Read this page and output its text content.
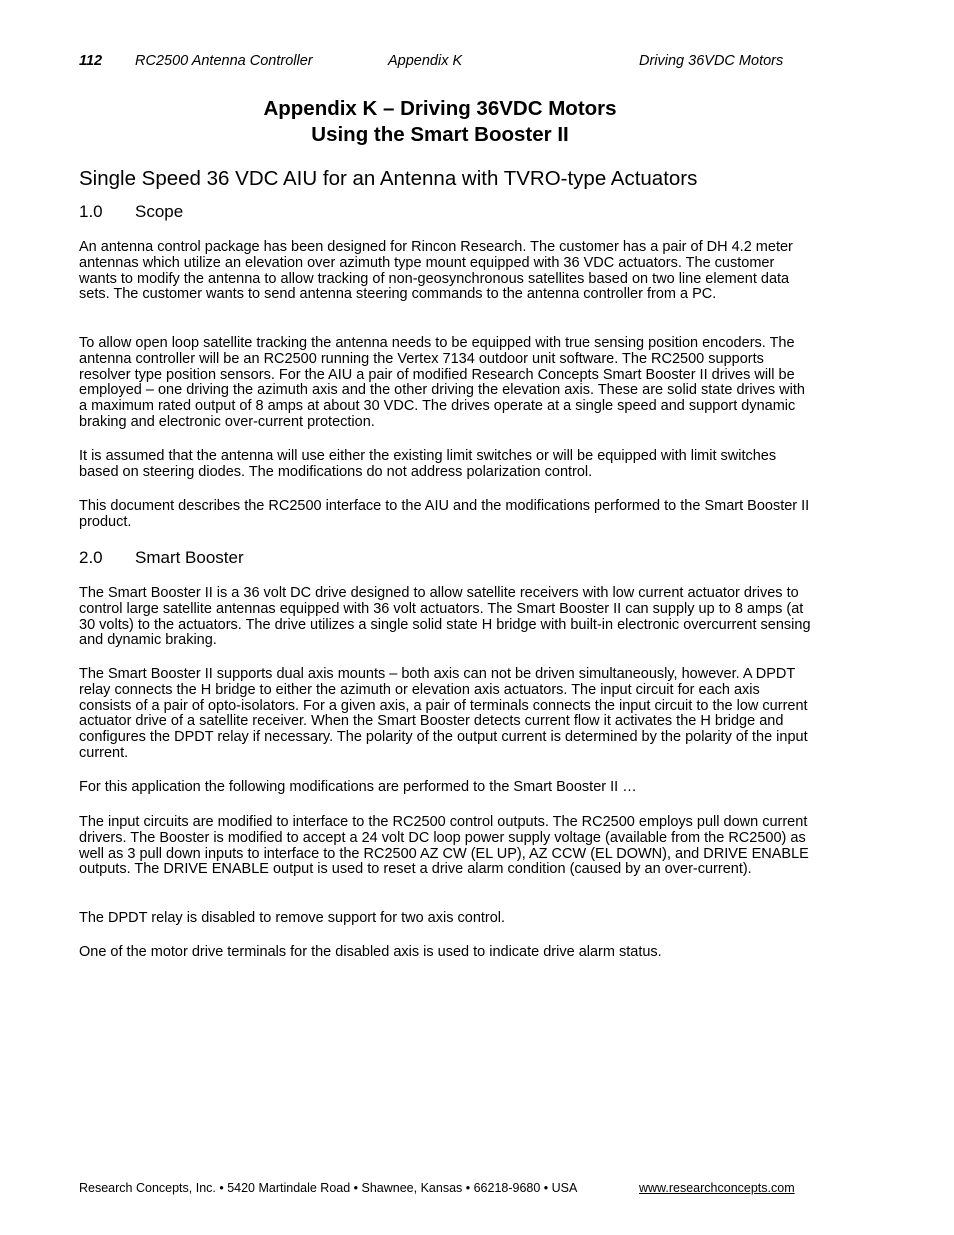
112 RC2500 Antenna Controller	Appendix K	Driving 36VDC Motors
Appendix K – Driving 36VDC Motors
Using the Smart Booster II
Single Speed 36 VDC AIU for an Antenna with TVRO-type Actuators
1.0 Scope

An antenna control package has been designed for Rincon Research. The customer has a pair of DH 4.2 meter antennas which utilize an elevation over azimuth type mount equipped with 36 VDC actuators. The customer wants to modify the antenna to allow tracking of non-geosynchronous satellites based on two line element data sets. The customer wants to send antenna steering commands to the antenna controller from a PC.

To allow open loop satellite tracking the antenna needs to be equipped with true sensing position encoders. The antenna controller will be an RC2500 running the Vertex 7134 outdoor unit software. The RC2500 supports resolver type position sensors. For the AIU a pair of modified Research Concepts Smart Booster II drives will be employed – one driving the azimuth axis and the other driving the elevation axis. These are solid state drives with a maximum rated output of 8 amps at about 30 VDC. The drives operate at a single speed and support dynamic braking and electronic over-current protection.

It is assumed that the antenna will use either the existing limit switches or will be equipped with limit switches based on steering diodes. The modifications do not address polarization control.

This document describes the RC2500 interface to the AIU and the modifications performed to the Smart Booster II product.

2.0 Smart Booster

The Smart Booster II is a 36 volt DC drive designed to allow satellite receivers with low current actuator drives to control large satellite antennas equipped with 36 volt actuators. The Smart Booster II can supply up to 8 amps (at 30 volts) to the actuators. The drive utilizes a single solid state H bridge with built-in electronic overcurrent sensing and dynamic braking.

The Smart Booster II supports dual axis mounts – both axis can not be driven simultaneously, however. A DPDT relay connects the H bridge to either the azimuth or elevation axis actuators. The input circuit for each axis consists of a pair of opto-isolators. For a given axis, a pair of terminals connects the input circuit to the low current actuator drive of a satellite receiver. When the Smart Booster detects current flow it activates the H bridge and configures the DPDT relay if necessary. The polarity of the output current is determined by the polarity of the input current.

For this application the following modifications are performed to the Smart Booster II …

The input circuits are modified to interface to the RC2500 control outputs. The RC2500 employs pull down current drivers. The Booster is modified to accept a 24 volt DC loop power supply voltage (available from the RC2500) as well as 3 pull down inputs to interface to the RC2500 AZ CW (EL UP), AZ CCW (EL DOWN), and DRIVE ENABLE outputs. The DRIVE ENABLE output is used to reset a drive alarm condition (caused by an over-current).

The DPDT relay is disabled to remove support for two axis control.

One of the motor drive terminals for the disabled axis is used to indicate drive alarm status.

Research Concepts, Inc. • 5420 Martindale Road • Shawnee, Kansas • 66218-9680 • USA	www.researchconcepts.com
